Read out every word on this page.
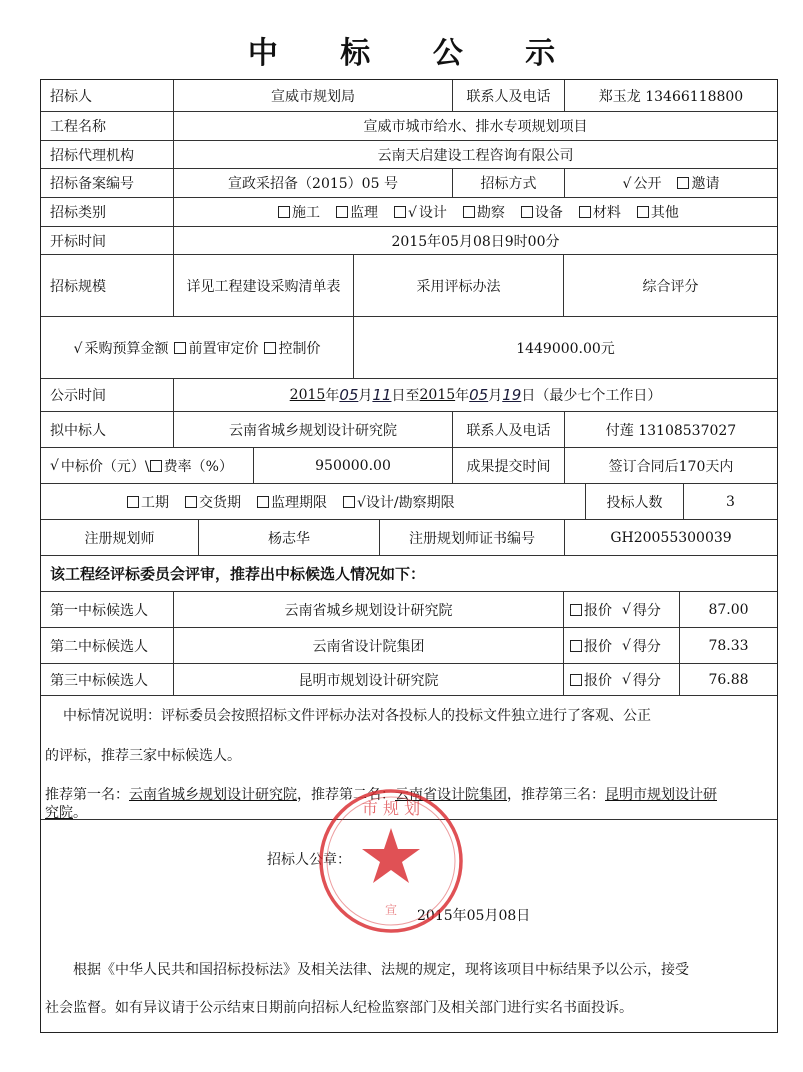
中 标 公 示
招标人	宣威市规划局	联系人及电话	郑玉龙 13466118800
工程名称	宣威市城市给水、排水专项规划项目
招标代理机构	云南天启建设工程咨询有限公司
招标备案编号	宣政采招备（2015）05 号	招标方式	√ 公开	邀请
招标类别	施工	监理	√ 设计	勘察	设备	材料	其他
开标时间	2015年05月08日9时00分
招标规模	详见工程建设采购清单表	采用评标办法	综合评分
√ 采购预算金额	前置审定价	控制价	1449000.00元
公示时间	2015 年 05 月 11 日至 2015 年 05 月 19 日 （最少七个工作日）
拟中标人	云南省城乡规划设计研究院	联系人及电话	付莲 13108537027
√ 中标价（元）\ 费率（%）	950000.00	成果提交时间	签订合同后170天内
工期	交货期	监理期限	√设计/勘察期限	投标人数	3
注册规划师	杨志华	注册规划师证书编号	GH20055300039
该工程经评标委员会评审，推荐出中标候选人情况如下：
第一中标候选人	云南省城乡规划设计研究院	报价 √ 得分	87.00
第二中标候选人	云南省设计院集团	报价 √ 得分	78.33
第三中标候选人	昆明市规划设计研究院	报价 √ 得分	76.88
中标情况说明：评标委员会按照招标文件评标办法对各投标人的投标文件独立进行了客观、公正
的评标，推荐三家中标候选人。
推荐第一名：云南省城乡规划设计研究院，推荐第二名：云南省设计院集团，推荐第三名：昆明市规划设计研
究院。
招标人公章：
2015年05月08日
根据《中华人民共和国招标投标法》及相关法律、法规的规定，现将该项目中标结果予以公示，接受
社会监督。如有异议请于公示结束日期前向招标人纪检监察部门及相关部门进行实名书面投诉。
市 规 划
宣
